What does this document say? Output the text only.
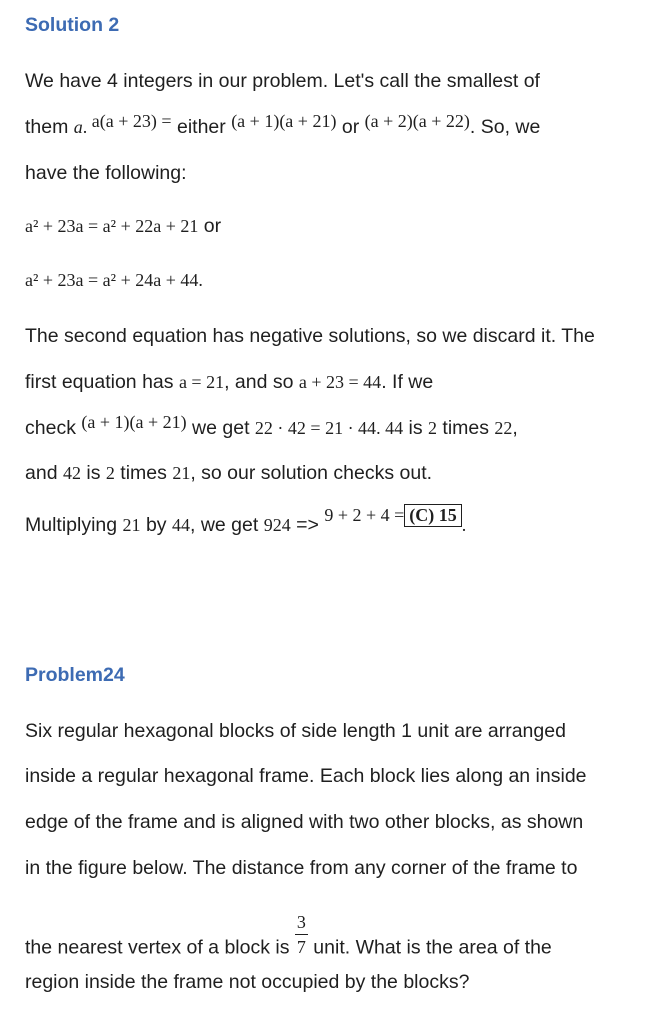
Solution 2
We have 4 integers in our problem. Let's call the smallest of
them a. a(a + 23) = either (a + 1)(a + 21) or (a + 2)(a + 22). So, we
have the following:
a² + 23a = a² + 22a + 21 or
a² + 23a = a² + 24a + 44.
The second equation has negative solutions, so we discard it. The
first equation has a = 21, and so a + 23 = 44. If we
check (a + 1)(a + 21) we get 22 · 42 = 21 · 44. 44 is 2 times 22,
and 42 is 2 times 21, so our solution checks out.
Multiplying 21 by 44, we get 924 => 9 + 2 + 4 = (C) 15 .
Problem24
Six regular hexagonal blocks of side length 1 unit are arranged
inside a regular hexagonal frame. Each block lies along an inside
edge of the frame and is aligned with two other blocks, as shown
in the figure below. The distance from any corner of the frame to
the nearest vertex of a block is $\frac{3}{7}$ unit. What is the area of the
region inside the frame not occupied by the blocks?
